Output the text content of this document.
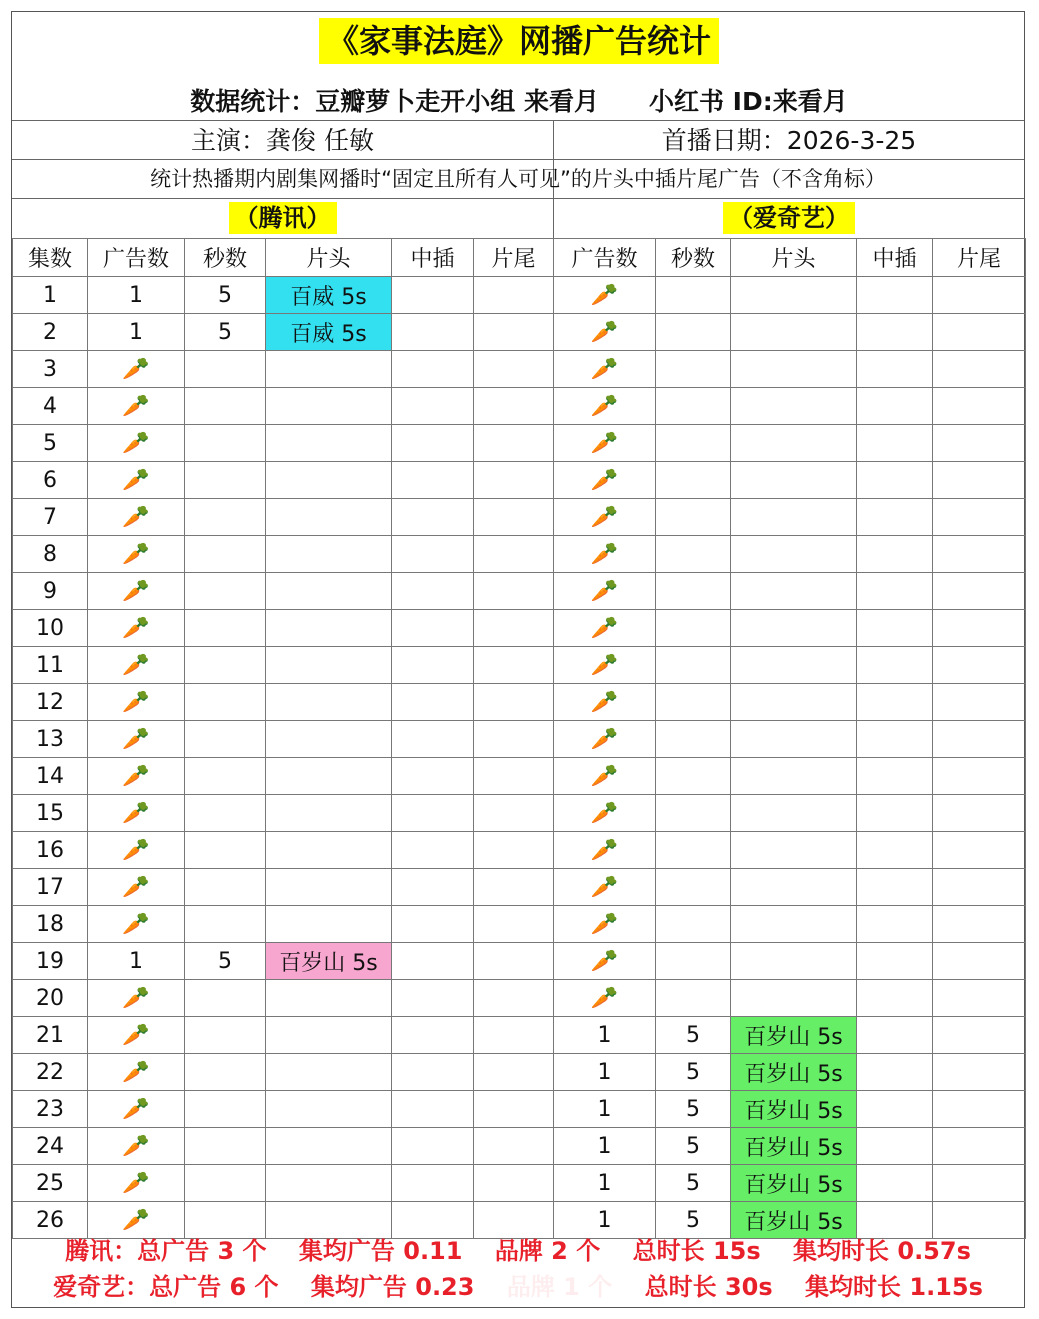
《家事法庭》网播广告统计
数据统计：豆瓣萝卜走开小组 来看月 小红书 ID:来看月
主演：龚俊 任敏	首播日期：2026-3-25
统计热播期内剧集网播时“固定且所有人可见”的片头中插片尾广告（不含角标）
（腾讯）	（爱奇艺）
集数	广告数	秒数	片头	中插	片尾	广告数	秒数	片头	中插	片尾
1	1	5	百威 5s			🥕				
2	1	5	百威 5s			🥕				
3	🥕					🥕				
4	🥕					🥕				
5	🥕					🥕				
6	🥕					🥕				
7	🥕					🥕				
8	🥕					🥕				
9	🥕					🥕				
10	🥕					🥕				
11	🥕					🥕				
12	🥕					🥕				
13	🥕					🥕				
14	🥕					🥕				
15	🥕					🥕				
16	🥕					🥕				
17	🥕					🥕				
18	🥕					🥕				
19	1	5	百岁山 5s			🥕				
20	🥕					🥕				
21	🥕					1	5	百岁山 5s		
22	🥕					1	5	百岁山 5s		
23	🥕					1	5	百岁山 5s		
24	🥕					1	5	百岁山 5s		
25	🥕					1	5	百岁山 5s		
26	🥕					1	5	百岁山 5s		
腾讯：总广告 3 个 集均广告 0.11 品牌 2 个 总时长 15s 集均时长 0.57s
爱奇艺：总广告 6 个 集均广告 0.23	总时长 30s 集均时长 1.15s
